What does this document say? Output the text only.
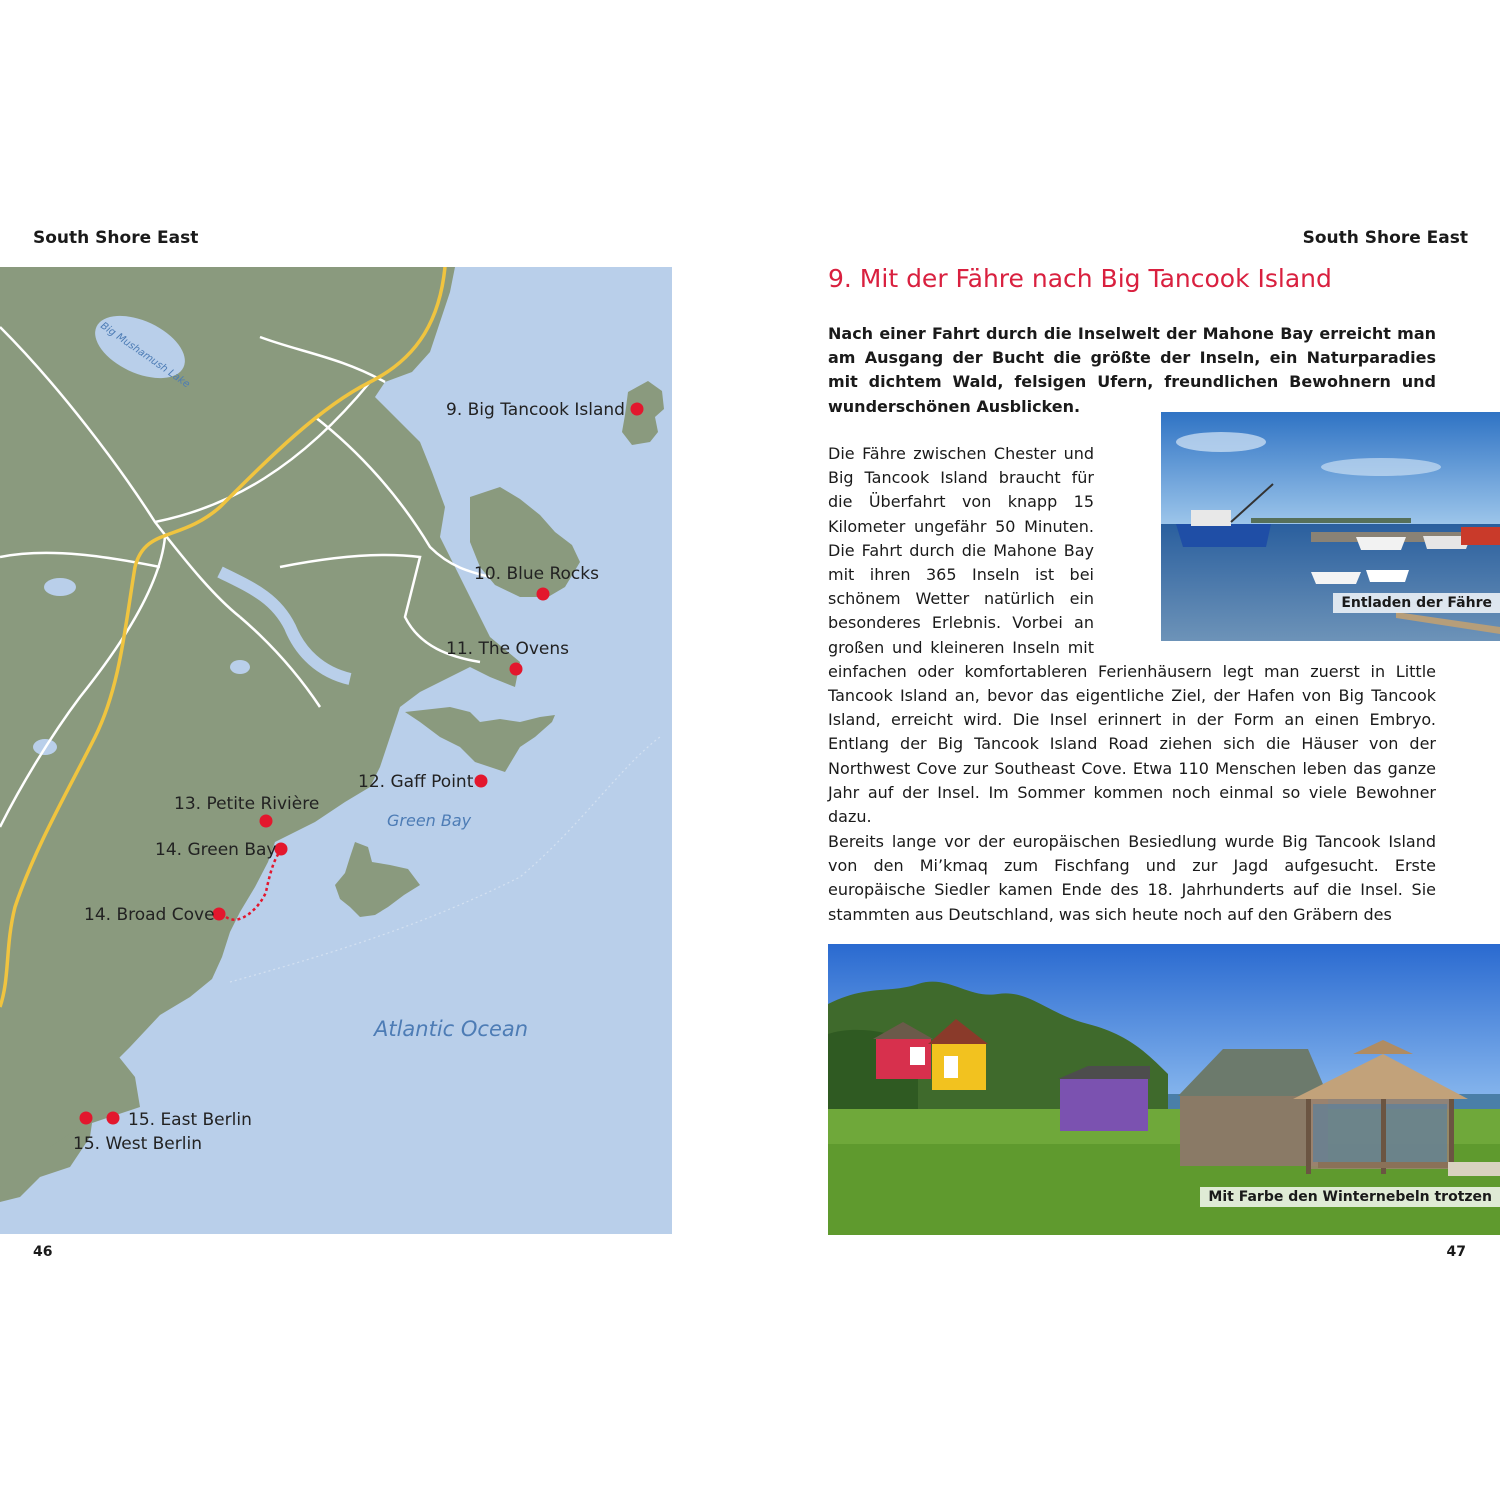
South Shore East
Big Mushamush Lake
Green Bay
Atlantic Ocean
9. Big Tancook Island
10. Blue Rocks
11. The Ovens
12. Gaff Point
13. Petite Rivière
14. Green Bay
14. Broad Cove
15. East Berlin
15. West Berlin
46
South Shore East
9. Mit der Fähre nach Big Tancook Island

Nach einer Fahrt durch die Inselwelt der Mahone Bay erreicht man am Ausgang der Bucht die größte der Inseln, ein Naturparadies mit dichtem Wald, felsigen Ufern, freundlichen Bewohnern und wunderschönen Ausblicken.

Entladen der Fähre

Die Fähre zwischen Chester und Big Tancook Island braucht für die Überfahrt von knapp 15 Kilometer ungefähr 50 Minuten. Die Fahrt durch die Mahone Bay mit ihren 365 Inseln ist bei schönem Wetter natürlich ein besonderes Erlebnis. Vorbei an großen und kleineren Inseln mit einfachen oder komfortableren Ferienhäusern legt man zuerst in Little Tancook Island an, bevor das eigentliche Ziel, der Hafen von Big Tancook Island, erreicht wird. Die Insel erinnert in der Form an einen Embryo. Entlang der Big Tancook Island Road ziehen sich die Häuser von der Northwest Cove zur Southeast Cove. Etwa 110 Menschen leben das ganze Jahr auf der Insel. Im Sommer kommen noch einmal so viele Bewohner dazu.

Bereits lange vor der europäischen Besiedlung wurde Big Tancook Island von den Mi’kmaq zum Fischfang und zur Jagd aufgesucht. Erste europäische Siedler kamen Ende des 18. Jahrhunderts auf die Insel. Sie stammten aus Deutschland, was sich heute noch auf den Gräbern des

Mit Farbe den Winternebeln trotzen
47
